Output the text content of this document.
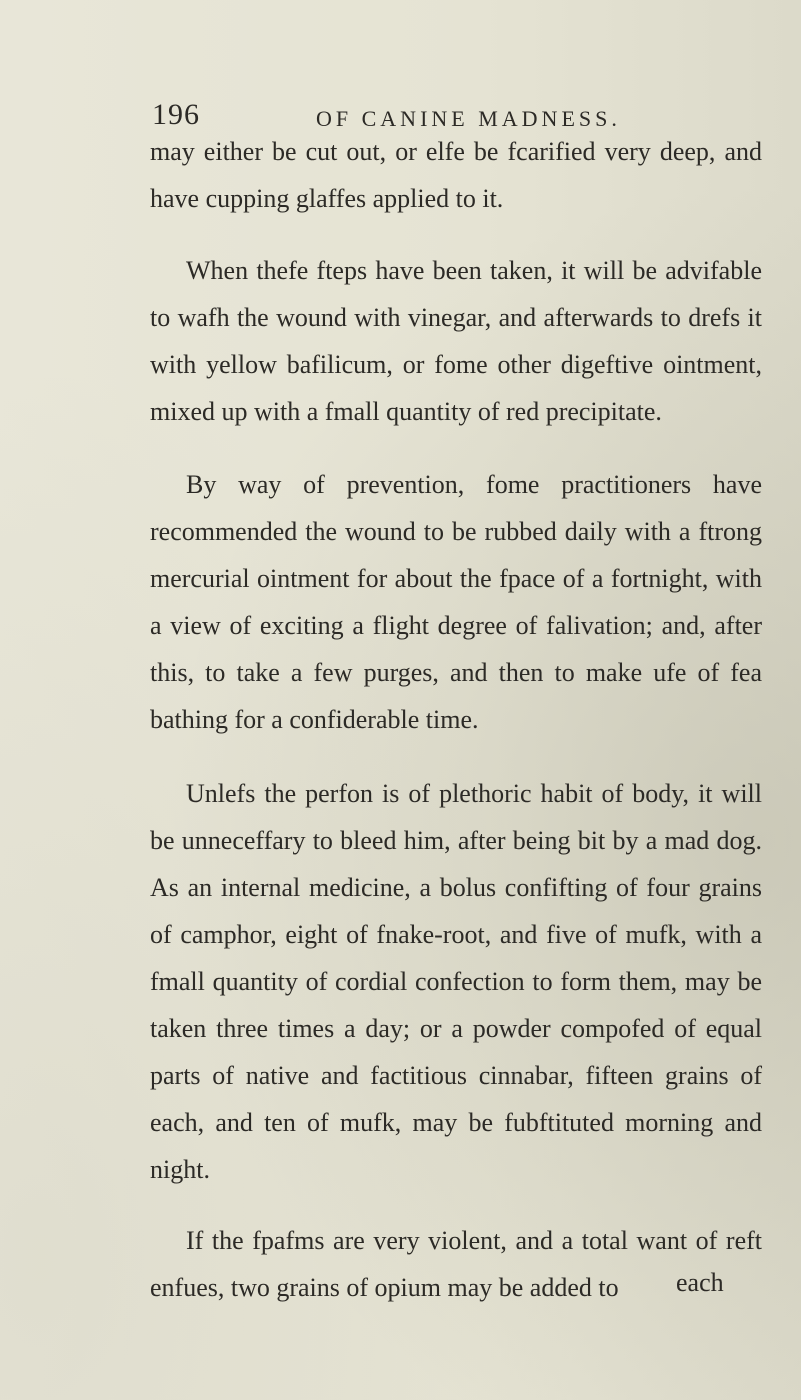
196	OF CANINE MADNESS.

may either be cut out, or elfe be fcarified very deep, and have cupping glaffes applied to it.

When thefe fteps have been taken, it will be advifable to wafh the wound with vinegar, and afterwards to drefs it with yellow bafilicum, or fome other digeftive ointment, mixed up with a fmall quantity of red precipitate.

By way of prevention, fome practitioners have recommended the wound to be rubbed daily with a ftrong mercurial ointment for about the fpace of a fortnight, with a view of exciting a flight degree of falivation; and, after this, to take a few purges, and then to make ufe of fea bathing for a confiderable time.

Unlefs the perfon is of plethoric habit of body, it will be unneceffary to bleed him, after being bit by a mad dog. As an internal medicine, a bolus confifting of four grains of camphor, eight of fnake-root, and five of mufk, with a fmall quantity of cordial confection to form them, may be taken three times a day; or a powder compofed of equal parts of native and factitious cinnabar, fifteen grains of each, and ten of mufk, may be fubftituted morning and night.

If the fpafms are very violent, and a total want of reft enfues, two grains of opium may be added to	each
